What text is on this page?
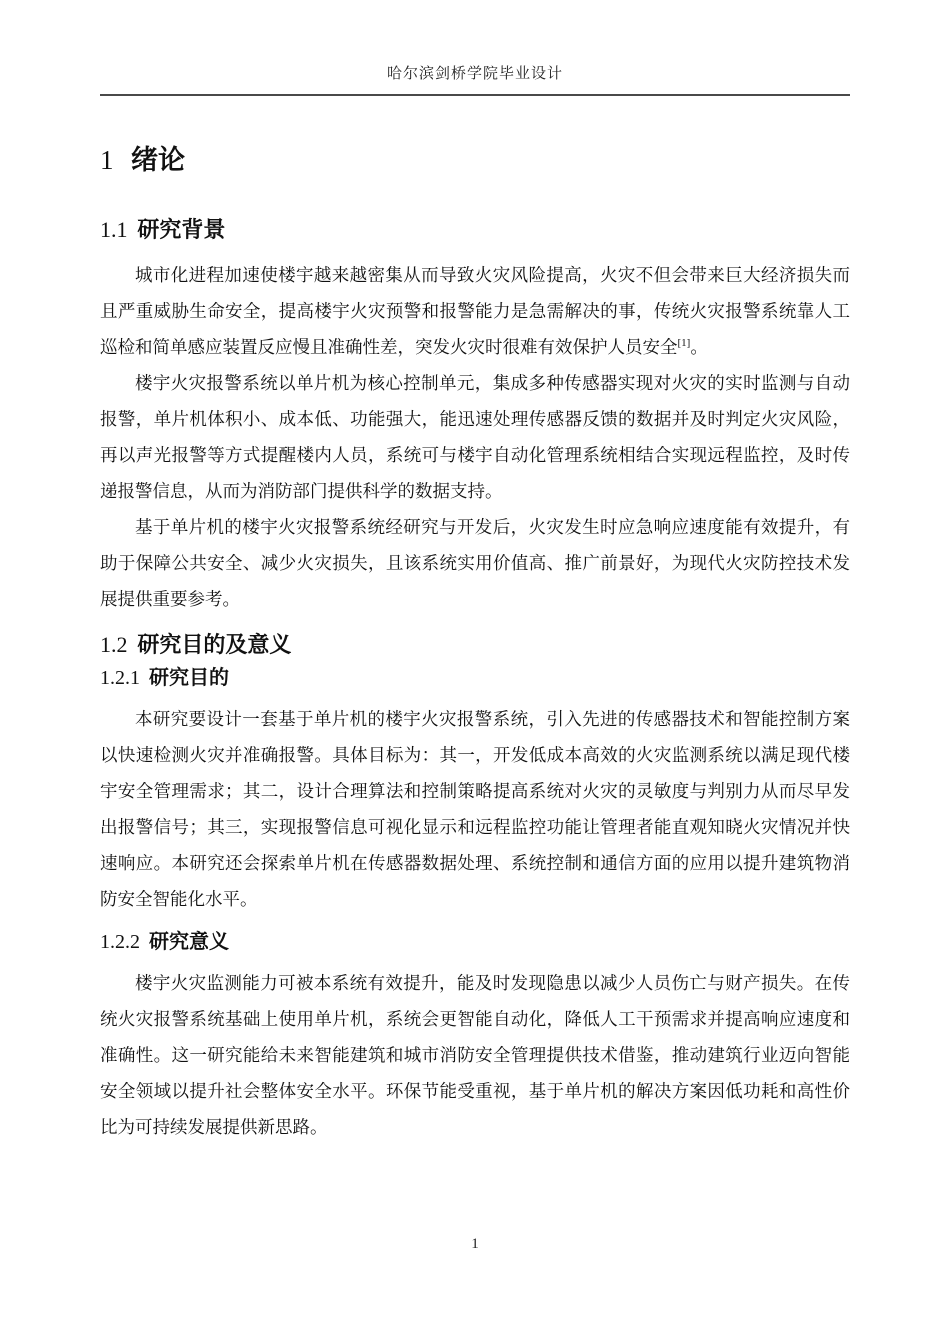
哈尔滨剑桥学院毕业设计
1 绪论
1.1 研究背景

城市化进程加速使楼宇越来越密集从而导致火灾风险提高，火灾不但会带来巨大经济损失而且严重威胁生命安全，提高楼宇火灾预警和报警能力是急需解决的事，传统火灾报警系统靠人工巡检和简单感应装置反应慢且准确性差，突发火灾时很难有效保护人员安全[1]。

楼宇火灾报警系统以单片机为核心控制单元，集成多种传感器实现对火灾的实时监测与自动报警，单片机体积小、成本低、功能强大，能迅速处理传感器反馈的数据并及时判定火灾风险，再以声光报警等方式提醒楼内人员，系统可与楼宇自动化管理系统相结合实现远程监控，及时传递报警信息，从而为消防部门提供科学的数据支持。

基于单片机的楼宇火灾报警系统经研究与开发后，火灾发生时应急响应速度能有效提升，有助于保障公共安全、减少火灾损失，且该系统实用价值高、推广前景好，为现代火灾防控技术发展提供重要参考。

1.2 研究目的及意义
1.2.1 研究目的

本研究要设计一套基于单片机的楼宇火灾报警系统，引入先进的传感器技术和智能控制方案以快速检测火灾并准确报警。具体目标为：其一，开发低成本高效的火灾监测系统以满足现代楼宇安全管理需求；其二，设计合理算法和控制策略提高系统对火灾的灵敏度与判别力从而尽早发出报警信号；其三，实现报警信息可视化显示和远程监控功能让管理者能直观知晓火灾情况并快速响应。本研究还会探索单片机在传感器数据处理、系统控制和通信方面的应用以提升建筑物消防安全智能化水平。

1.2.2 研究意义

楼宇火灾监测能力可被本系统有效提升，能及时发现隐患以减少人员伤亡与财产损失。在传统火灾报警系统基础上使用单片机，系统会更智能自动化，降低人工干预需求并提高响应速度和准确性。这一研究能给未来智能建筑和城市消防安全管理提供技术借鉴，推动建筑行业迈向智能安全领域以提升社会整体安全水平。环保节能受重视，基于单片机的解决方案因低功耗和高性价比为可持续发展提供新思路。

1
